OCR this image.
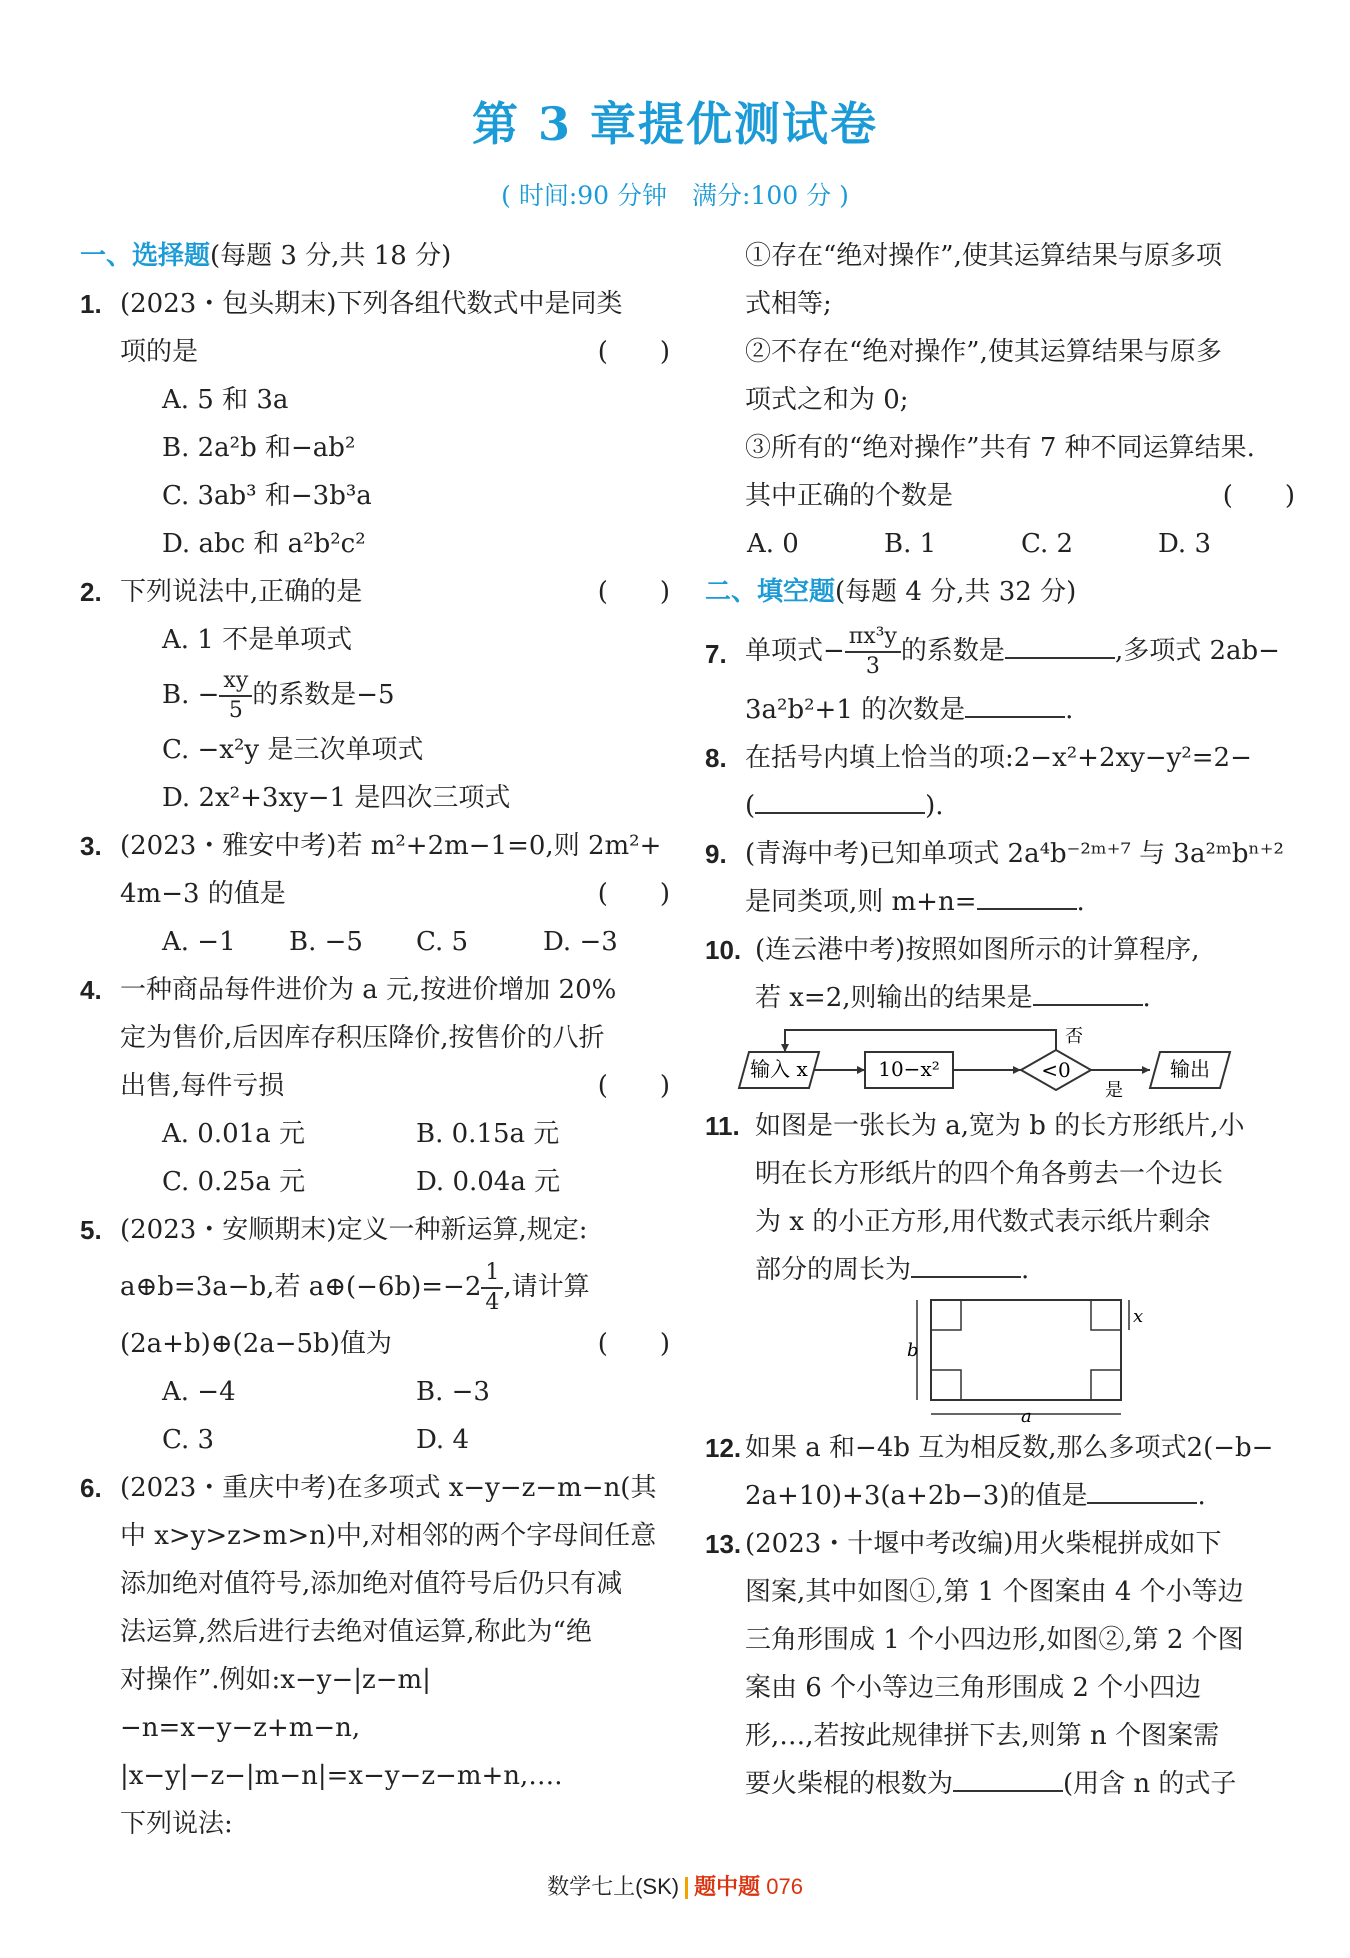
第 3 章提优测试卷
( 时间:90 分钟　满分:100 分 )
一、选择题(每题 3 分,共 18 分)
1. (2023・包头期末)下列各组代数式中是同类
项的是	(　　)
A. 5 和 3a
B. 2a²b 和−ab²
C. 3ab³ 和−3b³a
D. abc 和 a²b²c²
2. 下列说法中,正确的是	(　　)
A. 1 不是单项式
B. − $\frac{xy}{5}$ 的系数是−5
C. −x²y 是三次单项式
D. 2x²+3xy−1 是四次三项式
3. (2023・雅安中考)若 m²+2m−1=0,则 2m²+
4m−3 的值是	(　　)
A. −1	B. −5	C. 5	D. −3
4. 一种商品每件进价为 a 元,按进价增加 20%
定为售价,后因库存积压降价,按售价的八折
出售,每件亏损	(　　)
A. 0.01a 元	B. 0.15a 元
C. 0.25a 元	D. 0.04a 元
5. (2023・安顺期末)定义一种新运算,规定:
a⊕b=3a−b,若 a⊕(−6b)=−2 $\frac{1}{4}$ ,请计算
(2a+b)⊕(2a−5b)值为	(　　)
A. −4	B. −3
C. 3	D. 4
6. (2023・重庆中考)在多项式 x−y−z−m−n(其
中 x>y>z>m>n)中,对相邻的两个字母间任意
添加绝对值符号,添加绝对值符号后仍只有减
法运算,然后进行去绝对值运算,称此为“绝
对操作”.例如:x−y−|z−m|−n=x−y−z+m−n,
|x−y|−z−|m−n|=x−y−z−m+n,….
下列说法:
①存在“绝对操作”,使其运算结果与原多项
式相等;
②不存在“绝对操作”,使其运算结果与原多
项式之和为 0;
③所有的“绝对操作”共有 7 种不同运算结果.
其中正确的个数是	(　　)
A. 0	B. 1	C. 2	D. 3
二、填空题(每题 4 分,共 32 分)
7. 单项式− $\frac{\text{πx³y}}{3}$ 的系数是	,多项式 2ab−
3a²b²+1 的次数是	.
8. 在括号内填上恰当的项:2−x²+2xy−y²=2−
(	).
9. (青海中考)已知单项式 2a⁴b⁻²ᵐ⁺⁷ 与 3a²ᵐbⁿ⁺²
是同类项,则 m+n=	.
10. (连云港中考)按照如图所示的计算程序,
若 x=2,则输出的结果是	.
输入 x	10−x²	<0
否
是
输出
11. 如图是一张长为 a,宽为 b 的长方形纸片,小
明在长方形纸片的四个角各剪去一个边长
为 x 的小正方形,用代数式表示纸片剩余
部分的周长为	.
b
a
x
12. 如果 a 和−4b 互为相反数,那么多项式2(−b−
2a+10)+3(a+2b−3)的值是	.
13. (2023・十堰中考改编)用火柴棍拼成如下
图案,其中如图①,第 1 个图案由 4 个小等边
三角形围成 1 个小四边形,如图②,第 2 个图
案由 6 个小等边三角形围成 2 个小四边
形,…,若按此规律拼下去,则第 n 个图案需
要火柴棍的根数为	(用含 n 的式子
数学七上(SK) 题中题 076
